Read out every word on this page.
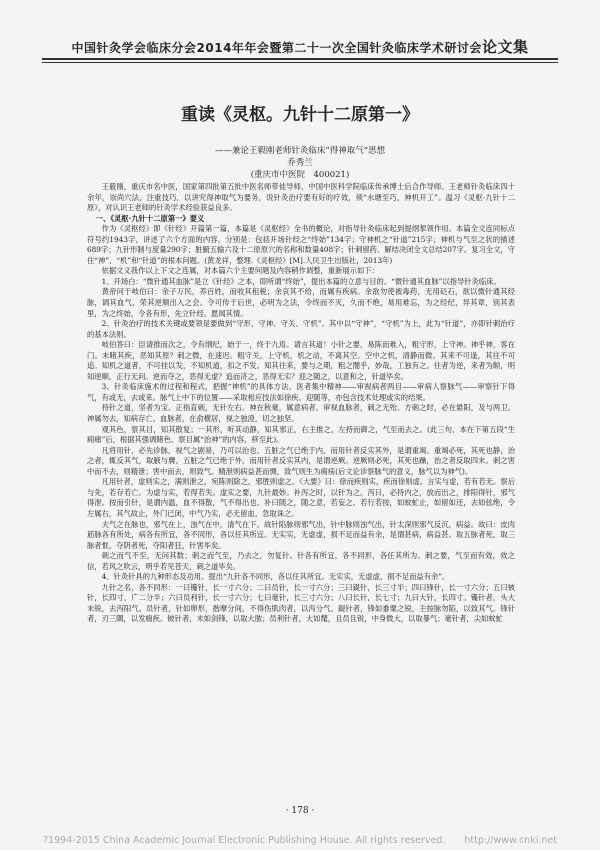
中国针灸学会临床分会2014年年会暨第二十一次全国针灸临床学术研讨会论文集
重读《灵枢。九针十二原第一》
——兼论王毅刚老师针灸临床“得神取气”思想
乔秀兰
(重庆市中医院　400021)

王毅刚，重庆市名中医，国家第四批第五批中医名师带徒导师，中国中医科学院临床传承博士后合作导师。王老师针灸临床四十余年，崇尚穴法，注重技巧，以讲究得神取气为要务，说针灸治疗要有好的疗效，须“水塘至巧，神机开工”。温习《灵枢·九针十二原》，对认识王老师的针灸学术经验获益良多。

一、《灵枢·九针十二原第一》要义

作为《灵枢经》即《针经》开篇第一篇，本篇是《灵枢经》全书的概论，对指导针灸临床起到提纲挈领作用。本篇全文连同标点符号约1943字，讲述了六个方面的内容。分别是：包括开场针经之“终始”134字；守神机之“针道”215字；神机与气至之状的描述689字；九针形制与度量290字；脏腑五输六及十二原原穴的名称和数量408字；针刺留药、解结决闭全文总结207字。复习全文，守住“神”、“机”和“针道”的根本问题。(黄龙祥，整理.《灵枢经》[M].人民卫生出版社，2013年)

依据文义我作以上下文之连属，对本篇六个主要问题及内容稍作调整，重新展示如下：

1、开场白：“微针通其血脉”是立《针经》之本，即所谓“终始”，提出本篇的立意与目的。“微针通其血脉”以指导针灸临床。

黄帝问于岐伯曰：余子万民，养百姓，而收其租税；余哀其不给，而属有疾病。余欲勿使被毒药，无用砭石，欲以微针通其经脉，调其血气，荣其逆顺出入之会。令可传于后世，必明为之法，令终而不灭，久而不绝，易用难忘，为之经纪，异其章，别其表里，为之终始，令各有形，先立针经。愿闻其情。

2、针灸治疗的技术关键或要领是要做到“守形、守神、守关、守机”。其中以“守神”，“守机”为上，此为“针道”，亦即针刺治疗的基本法则。

岐伯答曰：臣请推而次之，令有纲纪，始于一，终于九焉。请言其道！小针之要，易陈而难入，粗守形，上守神。神乎神，客在门。未睹其疾，恶知其原？刺之微，在速迟。粗守关，上守机，机之动，不离其空。空中之机，清静而微。其来不可逢，其往不可追。知机之道者，不可挂以发，不知机道，扣之不发。知其往来，要与之期，粗之闇乎，妙哉，工独有之。往者为逆，来者为顺，明知逆顺，正行无问。逆而夺之，恶得无虚？追而济之，恶得无实？迎之随之，以意和之，针道毕矣。

3、针灸临床施术的过程和程式，把握“神机”的具体方法。医者集中精神——审视病者两目——审病人察脉气——审察针下得气，有或无，去或来。脉气上中下的位置——采取相应技法如徐疾、迎随等，亦包含技术处理或实的结果。

持针之道，坚者为宝。正指直刺，无针左右。神在秋毫，属意病者。审视血脉者，刺之无殆。方刺之时，必在悬阳，及与两卫。神属勿去，知病存亡。血脉者，在俞横居，视之独澄，切之独坚。

观其色，察其目，知其散复；一其形，听其动静，知其邪正，右主推之，左持而御之，气至而去之。(此三句，本在下第五段“生痈痛”后，根据其强调睹色、察目属“治神”的内容，移至此)。

凡将用针，必先诊脉，视气之剧易，乃可以治也。五脏之气已绝于内，而用针者反实其外，是谓重竭。重竭必死，其死也静，治之者，辄反其气，取腋与膺。五脏之气已绝于外，而用针者反实其内，是谓逆厥。逆厥则必死，其死也躁，治之者反取四末。刺之害中而不去，则精泄；害中而去，则致气。精泄则病益甚而惆，致气则生为痈疡(后文论诊察脉气的意义，脉气以为神气)。

凡用针者，虚则实之，满则泄之，宛陈则除之，邪胜则虚之。《大要》曰：徐而疾则实，疾而徐则虚。言实与虚，若有若无。察后与先，若存若亡。为虚与实，若得若失。虚实之要，九针最妙。补泻之时，以针为之。泻曰，必持内之，放而出之，排阳得针，邪气得泄。按而引针，是谓内温，血不得散，气不得出也。补曰随之，随之意，若妄之。若行若按，如蚊虻止，如留如还，去如弦绝，令左属右，其气故止，外门已闭，中气乃实，必无留血，急取诛之。

夫气之在脉也，邪气在上，浊气在中，清气在下。故针陷脉则邪气出，针中脉则浊气出，针太深则邪气反沉，病益。故曰：皮肉筋脉各有所处，病各有所宜，各不同形，各以任其所宜。无实实，无虚虚，损不足而益有余，是谓甚病，病益甚。取五脉者死，取三脉者恇，夺阴者死，夺阳者狂，针害毕矣。

刺之而气不至，无问其数；刺之而气至，乃去之，勿复针。针各有所宜，各不同形，各任其所为。刺之要，气至而有效，效之信，若风之吹云，明乎若见苍天，刺之道毕矣。

4、针灸针具的九种形态及功用。提出“九针各不同形，各以任其所宜。无实实，无虚虚，损不足而益有余”。

九针之名，各不同形：一曰镵针，长一寸六分；二曰员针，长一寸六分；三曰鍉针，长三寸半；四曰锋针，长一寸六分；五曰铍针，长四寸，广二分半；六曰员利针，长一寸六分；七曰毫针，长三寸六分；八曰长针，长七寸；九曰大针，长四寸。镵针者，头大末锐，去泻阳气。员针者，针如卵形，揩摩分间，不得伤肌肉者，以泻分气。鍉针者，锋如黍粟之锐，主按脉勿陷，以致其气。锋针者，刃三隅，以发痼疾。铍针者，末如剑锋，以取大脓；员利针者，大如氂，且员且锐，中身微大，以取暴气；毫针者，尖如蚊虻

· 178 ·
?1994-2015 China Academic Journal Electronic Publishing House. All rights reserved.　　http://www.cnki.net
